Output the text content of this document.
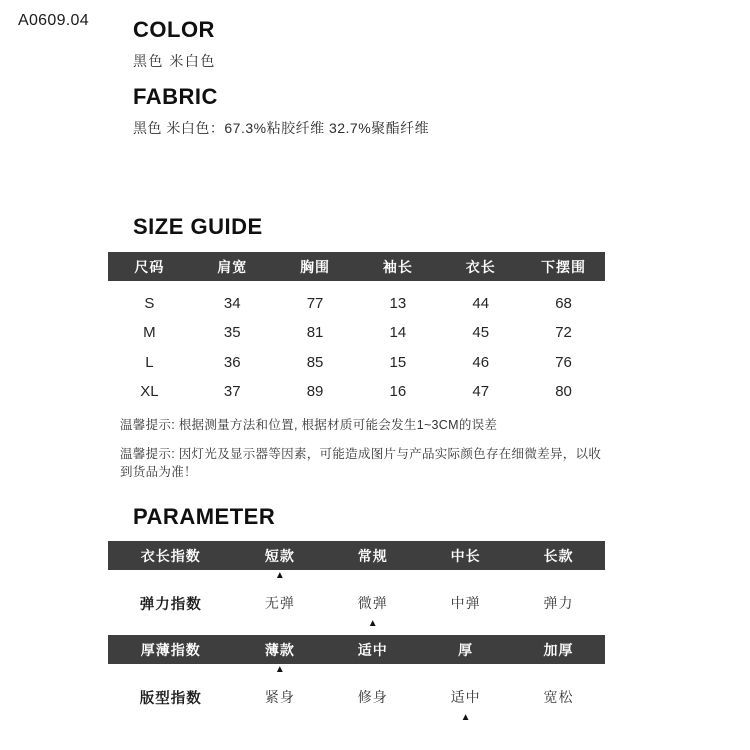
A0609.04 COLOR

黑色 米白色

FABRIC

黑色 米白色：67.3%粘胶纤维 32.7%聚酯纤维

SIZE GUIDE
尺码	肩宽	胸围	袖长	衣长	下摆围
S	34	77	13	44	68
M	35	81	14	45	72
L	36	85	15	46	76
XL	37	89	16	47	80

温馨提示: 根据测量方法和位置, 根据材质可能会发生1~3CM的误差

温馨提示: 因灯光及显示器等因素，可能造成图片与产品实际颜色存在细微差异，以收到货品为准！

PARAMETER
衣长指数	短款	常规	中长	长款
▲
弹力指数	无弹	微弹	中弹	弹力
▲
厚薄指数	薄款	适中	厚	加厚
▲
版型指数	紧身	修身	适中	宽松
▲
